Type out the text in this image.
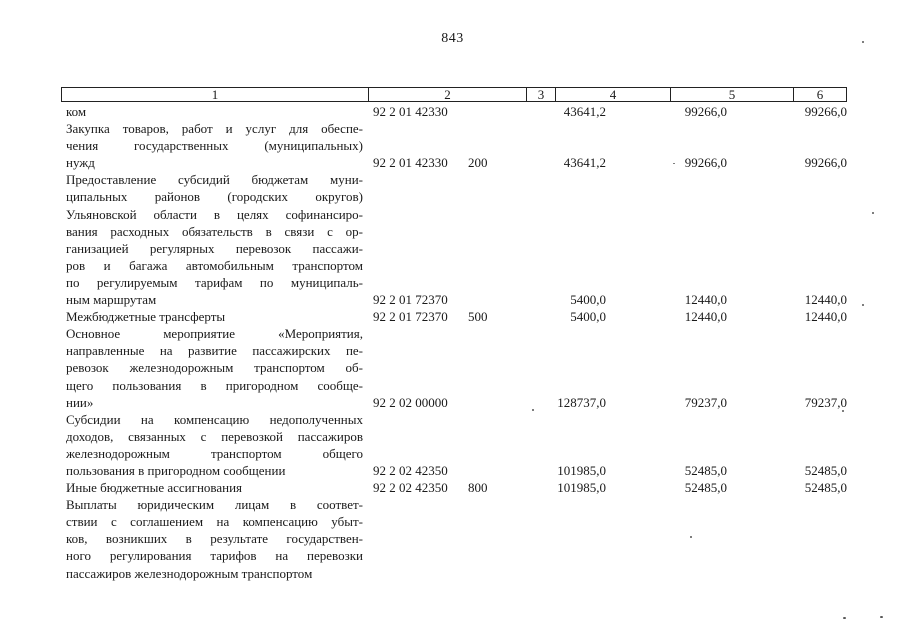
843
1	2	3	4	5	6
ком	92 2 01 42330	43641,2	99266,0	99266,0
Закупка товаров, работ и услуг для обеспе-
чения государственных (муниципальных)
нужд	92 2 01 42330 200	43641,2	99266,0	99266,0
Предоставление субсидий бюджетам муни-
ципальных районов (городских округов)
Ульяновской области в целях софинансиро-
вания расходных обязательств в связи с ор-
ганизацией регулярных перевозок пассажи-
ров и багажа автомобильным транспортом
по регулируемым тарифам по муниципаль-
ным маршрутам	92 2 01 72370	5400,0	12440,0	12440,0
Межбюджетные трансферты	92 2 01 72370 500	5400,0	12440,0	12440,0
Основное мероприятие «Мероприятия,
направленные на развитие пассажирских пе-
ревозок железнодорожным транспортом об-
щего пользования в пригородном сообще-
нии»	92 2 02 00000	128737,0	79237,0	79237,0
Субсидии на компенсацию недополученных
доходов, связанных с перевозкой пассажиров
железнодорожным транспортом общего
пользования в пригородном сообщении	92 2 02 42350	101985,0	52485,0	52485,0
Иные бюджетные ассигнования	92 2 02 42350 800	101985,0	52485,0	52485,0
Выплаты юридическим лицам в соответ-
ствии с соглашением на компенсацию убыт-
ков, возникших в результате государствен-
ного регулирования тарифов на перевозки
пассажиров железнодорожным транспортом
